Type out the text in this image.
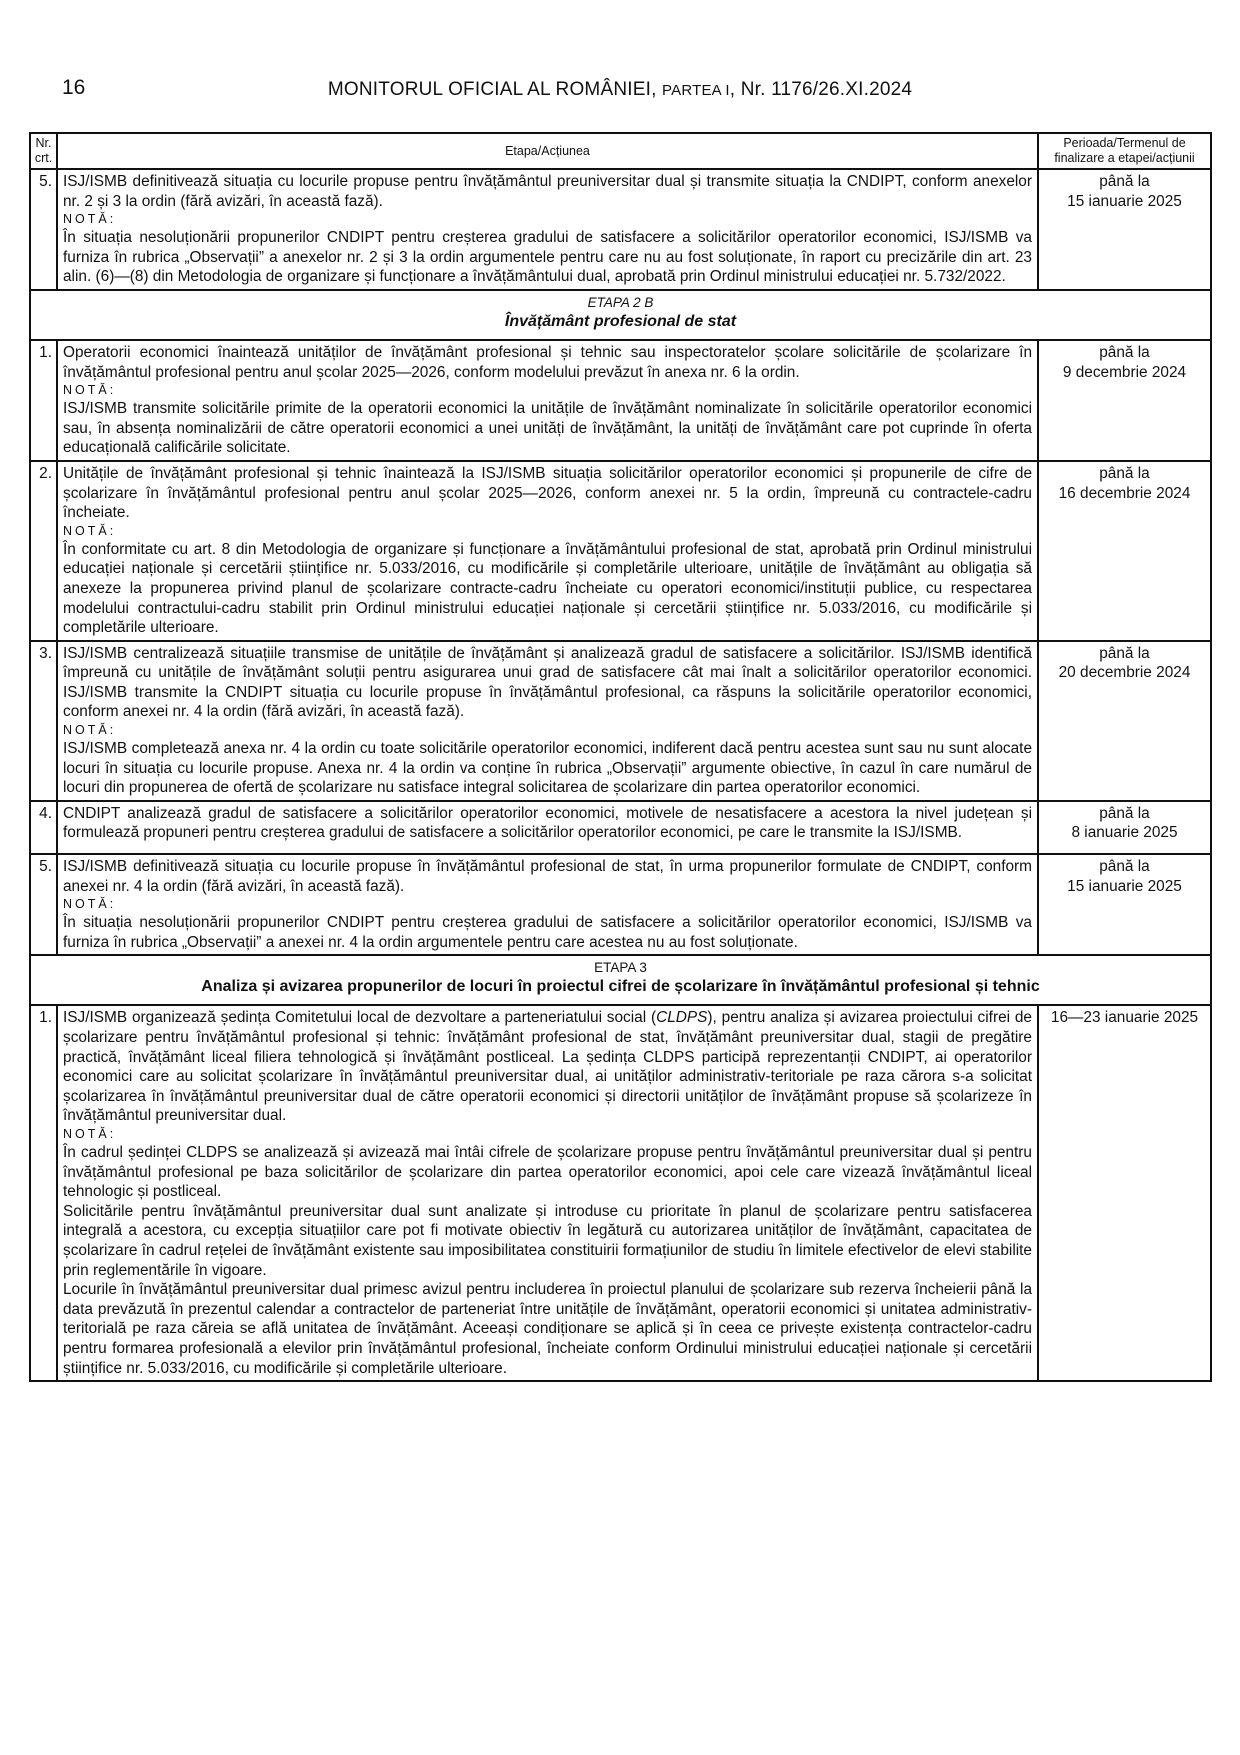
16	MONITORUL OFICIAL AL ROMÂNIEI, PARTEA I, Nr. 1176/26.XI.2024
Nr. crt.	Etapa/Acțiunea	Perioada/Termenul de finalizare a etapei/acțiunii
5.	ISJ/ISMB definitivează situația cu locurile propuse pentru învățământul preuniversitar dual și transmite situația la CNDIPT, conform anexelor nr. 2 și 3 la ordin (fără avizări, în această fază).
NOTĂ:
În situația nesoluționării propunerilor CNDIPT pentru creșterea gradului de satisfacere a solicitărilor operatorilor economici, ISJ/ISMB va furniza în rubrica „Observații” a anexelor nr. 2 și 3 la ordin argumentele pentru care nu au fost soluționate, în raport cu precizările din art. 23 alin. (6)—(8) din Metodologia de organizare și funcționare a învățământului dual, aprobată prin Ordinul ministrului educației nr. 5.732/2022.	până la
15 ianuarie 2025

ETAPA 2 B
Învățământ profesional de stat		

1.	Operatorii economici înaintează unităților de învățământ profesional și tehnic sau inspectoratelor școlare solicitările de școlarizare în învățământul profesional pentru anul școlar 2025—2026, conform modelului prevăzut în anexa nr. 6 la ordin.
NOTĂ:
ISJ/ISMB transmite solicitările primite de la operatorii economici la unitățile de învățământ nominalizate în solicitările operatorilor economici sau, în absența nominalizării de către operatorii economici a unei unități de învățământ, la unități de învățământ care pot cuprinde în oferta educațională calificările solicitate.	până la
9 decembrie 2024

2.	Unitățile de învățământ profesional și tehnic înaintează la ISJ/ISMB situația solicitărilor operatorilor economici și propunerile de cifre de școlarizare în învățământul profesional pentru anul școlar 2025—2026, conform anexei nr. 5 la ordin, împreună cu contractele-cadru încheiate.
NOTĂ:
În conformitate cu art. 8 din Metodologia de organizare și funcționare a învățământului profesional de stat, aprobată prin Ordinul ministrului educației naționale și cercetării științifice nr. 5.033/2016, cu modificările și completările ulterioare, unitățile de învățământ au obligația să anexeze la propunerea privind planul de școlarizare contracte-cadru încheiate cu operatori economici/instituții publice, cu respectarea modelului contractului-cadru stabilit prin Ordinul ministrului educației naționale și cercetării științifice nr. 5.033/2016, cu modificările și completările ulterioare.	până la
16 decembrie 2024

3.	ISJ/ISMB centralizează situațiile transmise de unitățile de învățământ și analizează gradul de satisfacere a solicitărilor. ISJ/ISMB identifică împreună cu unitățile de învățământ soluții pentru asigurarea unui grad de satisfacere cât mai înalt a solicitărilor operatorilor economici. ISJ/ISMB transmite la CNDIPT situația cu locurile propuse în învățământul profesional, ca răspuns la solicitările operatorilor economici, conform anexei nr. 4 la ordin (fără avizări, în această fază).
NOTĂ:
ISJ/ISMB completează anexa nr. 4 la ordin cu toate solicitările operatorilor economici, indiferent dacă pentru acestea sunt sau nu sunt alocate locuri în situația cu locurile propuse. Anexa nr. 4 la ordin va conține în rubrica „Observații” argumente obiective, în cazul în care numărul de locuri din propunerea de ofertă de școlarizare nu satisface integral solicitarea de școlarizare din partea operatorilor economici.	până la
20 decembrie 2024

4.	CNDIPT analizează gradul de satisfacere a solicitărilor operatorilor economici, motivele de nesatisfacere a acestora la nivel județean și formulează propuneri pentru creșterea gradului de satisfacere a solicitărilor operatorilor economici, pe care le transmite la ISJ/ISMB.	până la
8 ianuarie 2025

5.	ISJ/ISMB definitivează situația cu locurile propuse în învățământul profesional de stat, în urma propunerilor formulate de CNDIPT, conform anexei nr. 4 la ordin (fără avizări, în această fază).
NOTĂ:
În situația nesoluționării propunerilor CNDIPT pentru creșterea gradului de satisfacere a solicitărilor operatorilor economici, ISJ/ISMB va furniza în rubrica „Observații” a anexei nr. 4 la ordin argumentele pentru care acestea nu au fost soluționate.	până la
15 ianuarie 2025

ETAPA 3
Analiza și avizarea propunerilor de locuri în proiectul cifrei de școlarizare în învățământul profesional și tehnic		

1.	ISJ/ISMB organizează ședința Comitetului local de dezvoltare a parteneriatului social (CLDPS), pentru analiza și avizarea proiectului cifrei de școlarizare pentru învățământul profesional și tehnic: învățământ profesional de stat, învățământ preuniversitar dual, stagii de pregătire practică, învățământ liceal filiera tehnologică și învățământ postliceal. La ședința CLDPS participă reprezentanții CNDIPT, ai operatorilor economici care au solicitat școlarizare în învățământul preuniversitar dual, ai unităților administrativ-teritoriale pe raza cărora s-a solicitat școlarizarea în învățământul preuniversitar dual de către operatorii economici și directorii unităților de învățământ propuse să școlarizeze în învățământul preuniversitar dual.
NOTĂ:
În cadrul ședinței CLDPS se analizează și avizează mai întâi cifrele de școlarizare propuse pentru învățământul preuniversitar dual și pentru învățământul profesional pe baza solicitărilor de școlarizare din partea operatorilor economici, apoi cele care vizează învățământul liceal tehnologic și postliceal.
Solicitările pentru învățământul preuniversitar dual sunt analizate și introduse cu prioritate în planul de școlarizare pentru satisfacerea integrală a acestora, cu excepția situațiilor care pot fi motivate obiectiv în legătură cu autorizarea unităților de învățământ, capacitatea de școlarizare în cadrul rețelei de învățământ existente sau imposibilitatea constituirii formațiunilor de studiu în limitele efectivelor de elevi stabilite prin reglementările în vigoare.
Locurile în învățământul preuniversitar dual primesc avizul pentru includerea în proiectul planului de școlarizare sub rezerva încheierii până la data prevăzută în prezentul calendar a contractelor de parteneriat între unitățile de învățământ, operatorii economici și unitatea administrativ-teritorială pe raza căreia se află unitatea de învățământ. Aceeași condiționare se aplică și în ceea ce privește existența contractelor-cadru pentru formarea profesională a elevilor prin învățământul profesional, încheiate conform Ordinului ministrului educației naționale și cercetării științifice nr. 5.033/2016, cu modificările și completările ulterioare.	16—23 ianuarie 2025
